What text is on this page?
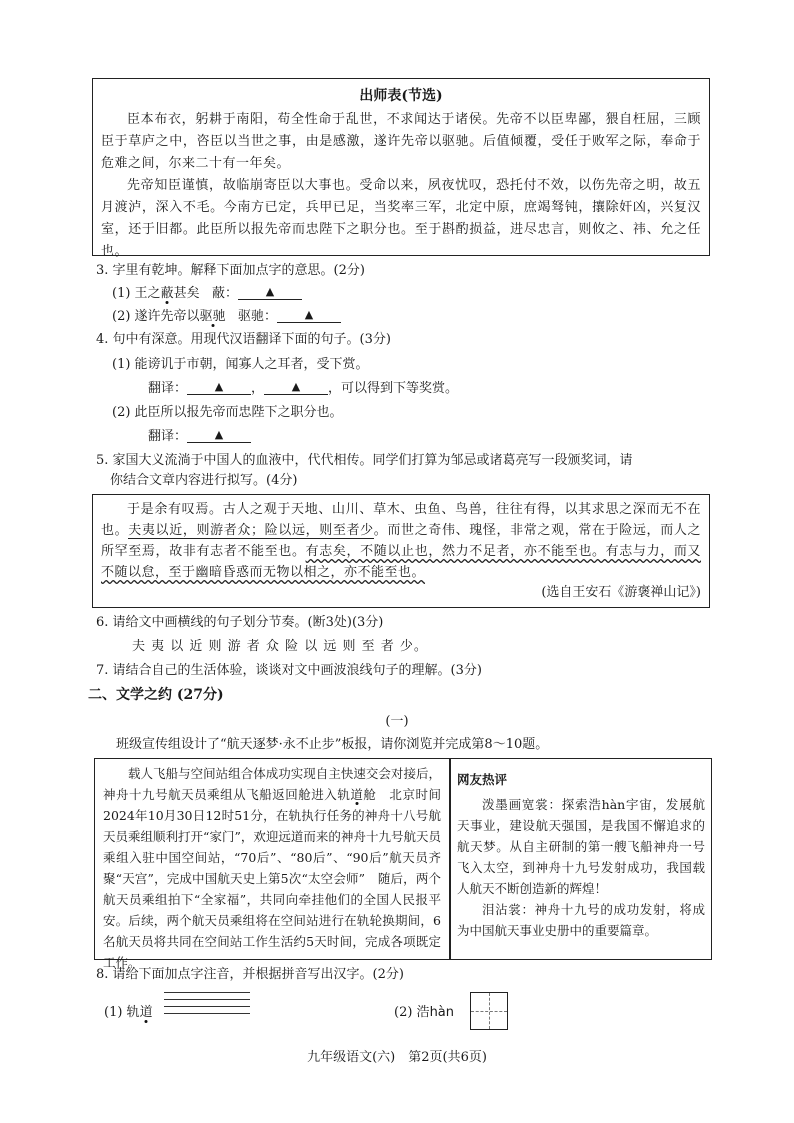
出师表(节选)

臣本布衣，躬耕于南阳，苟全性命于乱世，不求闻达于诸侯。先帝不以臣卑鄙，猥自枉屈，三顾臣于草庐之中，咨臣以当世之事，由是感激，遂许先帝以驱驰。后值倾覆，受任于败军之际，奉命于危难之间，尔来二十有一年矣。

先帝知臣谨慎，故临崩寄臣以大事也。受命以来，夙夜忧叹，恐托付不效，以伤先帝之明，故五月渡泸，深入不毛。今南方已定，兵甲已足，当奖率三军，北定中原，庶竭驽钝，攘除奸凶，兴复汉室，还于旧都。此臣所以报先帝而忠陛下之职分也。至于斟酌损益，进尽忠言，则攸之、祎、允之任也。

3. 字里有乾坤。解释下面加点字的意思。(2分)
(1) 王之蔽甚矣 蔽：	▲
(2) 遂许先帝以驱驰 驱驰：	▲
4. 句中有深意。用现代汉语翻译下面的句子。(3分)
(1) 能谤讥于市朝，闻寡人之耳者，受下赏。
翻译：	▲ ，	▲ ，可以得到下等奖赏。
(2) 此臣所以报先帝而忠陛下之职分也。
翻译：	▲
5. 家国大义流淌于中国人的血液中，代代相传。同学们打算为邹忌或诸葛亮写一段颁奖词，请
你结合文章内容进行拟写。(4分)

于是余有叹焉。古人之观于天地、山川、草木、虫鱼、鸟兽，往往有得，以其求思之深而无不在也。夫夷以近，则游者众；险以远，则至者少。而世之奇伟、瑰怪，非常之观，常在于险远，而人之所罕至焉，故非有志者不能至也。有志矣，不随以止也，然力不足者，亦不能至也。有志与力，而又不随以怠，至于幽暗昏惑而无物以相之，亦不能至也。

(选自王安石《游褒禅山记》)
6. 请给文中画横线的句子划分节奏。(断3处)(3分)
夫 夷 以 近 则 游 者 众 险 以 远 则 至 者 少。
7. 请结合自己的生活体验，谈谈对文中画波浪线句子的理解。(3分)
二、文学之约 (27分)
(一)
班级宣传组设计了“航天逐梦·永不止步”板报，请你浏览并完成第8～10题。
载人飞船与空间站组合体成功实现自主快速交会对接后，神舟十九号航天员乘组从飞船返回舱进入轨道舱　北京时间2024年10月30日12时51分，在轨执行任务的神舟十八号航天员乘组顺利打开“家门”，欢迎远道而来的神舟十九号航天员乘组入驻中国空间站，“70后”、“80后”、“90后”航天员齐聚“天宫”，完成中国航天史上第5次“太空会师”　随后，两个航天员乘组拍下“全家福”，共同向牵挂他们的全国人民报平安。后续，两个航天员乘组将在空间站进行在轨轮换期间，6名航天员将共同在空间站工作生活约5天时间，完成各项既定工作。
网友热评
泼墨画宽裳：探索浩hàn宇宙，发展航天事业，建设航天强国，是我国不懈追求的航天梦。从自主研制的第一艘飞船神舟一号飞入太空，到神舟十九号发射成功，我国载人航天不断创造新的辉煌！
泪沾裳：神舟十九号的成功发射，将成为中国航天事业史册中的重要篇章。
8. 请给下面加点字注音，并根据拼音写出汉字。(2分)
(1) 轨道	(2) 浩hàn
九年级语文(六)　第2页(共6页)
